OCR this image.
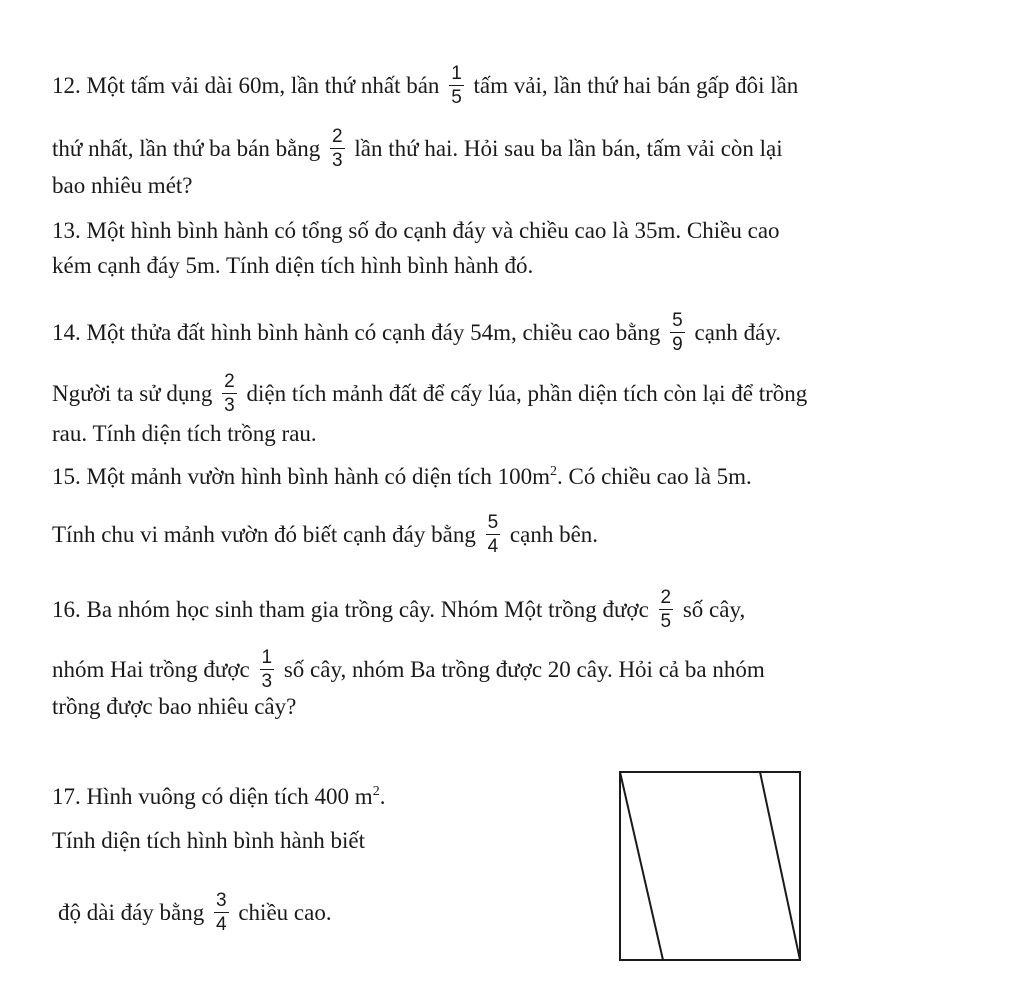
12. Một tấm vải dài 60m, lần thứ nhất bán $\frac{1}{5}$ tấm vải, lần thứ hai bán gấp đôi lần
thứ nhất, lần thứ ba bán bằng $\frac{2}{3}$ lần thứ hai. Hỏi sau ba lần bán, tấm vải còn lại
bao nhiêu mét?
13. Một hình bình hành có tổng số đo cạnh đáy và chiều cao là 35m. Chiều cao
kém cạnh đáy 5m. Tính diện tích hình bình hành đó.
14. Một thửa đất hình bình hành có cạnh đáy 54m, chiều cao bằng $\frac{5}{9}$ cạnh đáy.
Người ta sử dụng $\frac{2}{3}$ diện tích mảnh đất để cấy lúa, phần diện tích còn lại để trồng
rau. Tính diện tích trồng rau.
15. Một mảnh vườn hình bình hành có diện tích $100m^2$. Có chiều cao là 5m.
Tính chu vi mảnh vườn đó biết cạnh đáy bằng $\frac{5}{4}$ cạnh bên.
16. Ba nhóm học sinh tham gia trồng cây. Nhóm Một trồng được $\frac{2}{5}$ số cây,
nhóm Hai trồng được $\frac{1}{3}$ số cây, nhóm Ba trồng được 20 cây. Hỏi cả ba nhóm
trồng được bao nhiêu cây?
17. Hình vuông có diện tích 400 $m^2$.
Tính diện tích hình bình hành biết
độ dài đáy bằng $\frac{3}{4}$ chiều cao.
